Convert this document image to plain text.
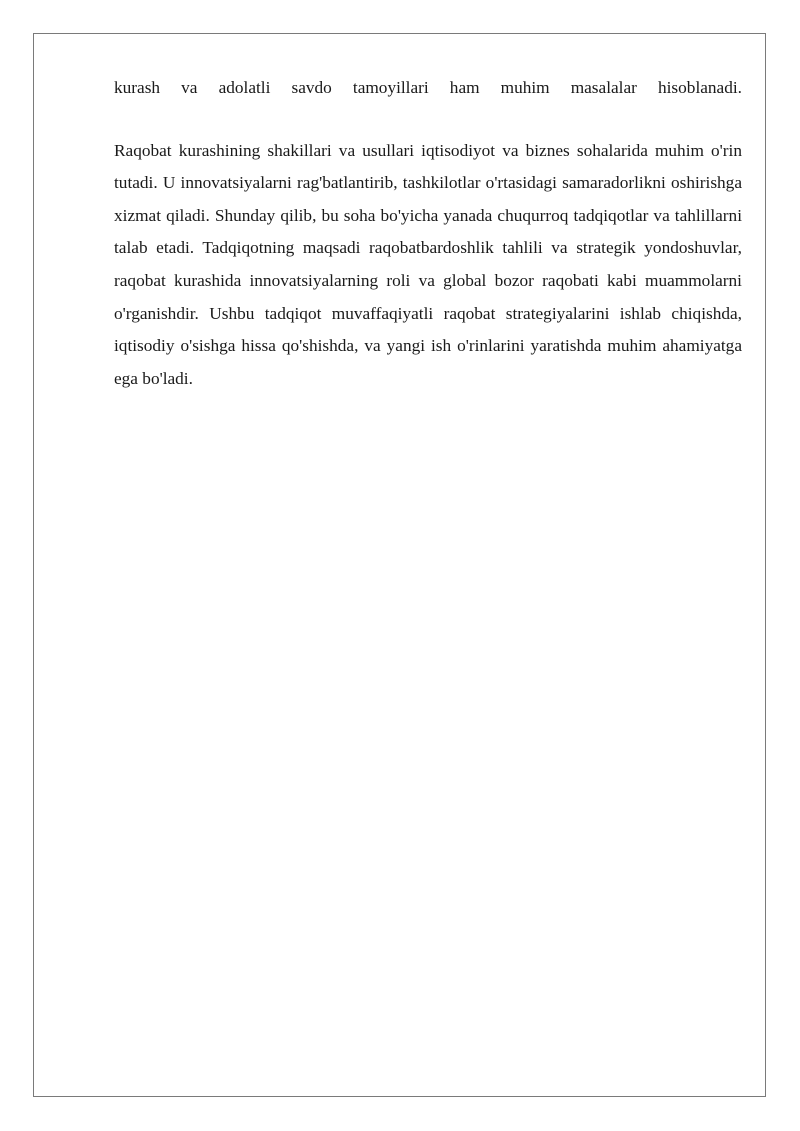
kurash va adolatli savdo tamoyillari ham muhim masalalar hisoblanadi.

Raqobat kurashining shakillari va usullari iqtisodiyot va biznes sohalarida muhim o'rin tutadi. U innovatsiyalarni rag'batlantirib, tashkilotlar o'rtasidagi samaradorlikni oshirishga xizmat qiladi. Shunday qilib, bu soha bo'yicha yanada chuqurroq tadqiqotlar va tahlillarni talab etadi. Tadqiqotning maqsadi raqobatbardoshlik tahlili va strategik yondoshuvlar, raqobat kurashida innovatsiyalarning roli va global bozor raqobati kabi muammolarni o'rganishdir. Ushbu tadqiqot muvaffaqiyatli raqobat strategiyalarini ishlab chiqishda, iqtisodiy o'sishga hissa qo'shishda, va yangi ish o'rinlarini yaratishda muhim ahamiyatga ega bo'ladi.
